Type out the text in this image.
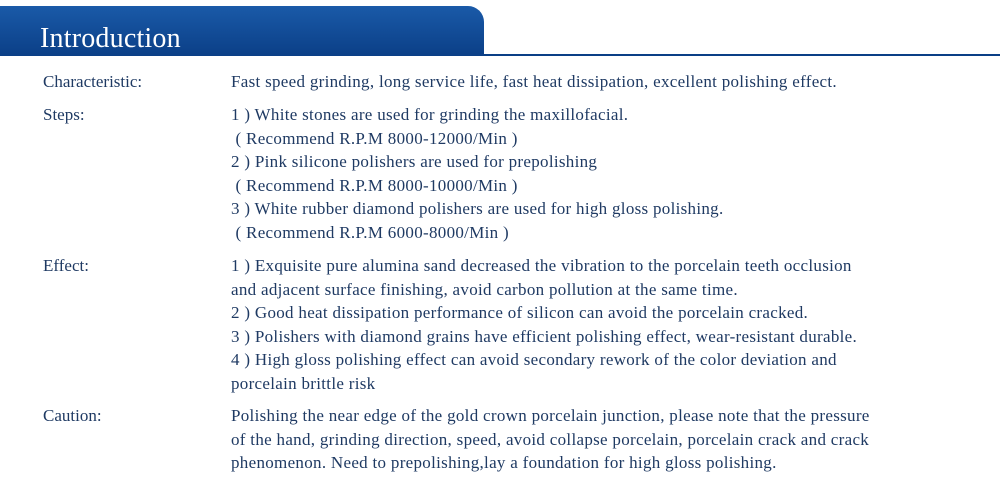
Introduction
Characteristic:	Fast speed grinding, long service life, fast heat dissipation, excellent polishing effect.
Steps:	1 ) White stones are used for grinding the maxillofacial.
( Recommend R.P.M 8000-12000/Min )
2 ) Pink silicone polishers are used for prepolishing
( Recommend R.P.M 8000-10000/Min )
3 ) White rubber diamond polishers are used for high gloss polishing.
( Recommend R.P.M 6000-8000/Min )
Effect:	1 ) Exquisite pure alumina sand decreased the vibration to the porcelain teeth occlusion
and adjacent surface finishing, avoid carbon pollution at the same time.
2 ) Good heat dissipation performance of silicon can avoid the porcelain cracked.
3 ) Polishers with diamond grains have efficient polishing effect, wear-resistant durable.
4 ) High gloss polishing effect can avoid secondary rework of the color deviation and
porcelain brittle risk
Caution:	Polishing the near edge of the gold crown porcelain junction, please note that the pressure
of the hand, grinding direction, speed, avoid collapse porcelain, porcelain crack and crack
phenomenon. Need to prepolishing,lay a foundation for high gloss polishing.
